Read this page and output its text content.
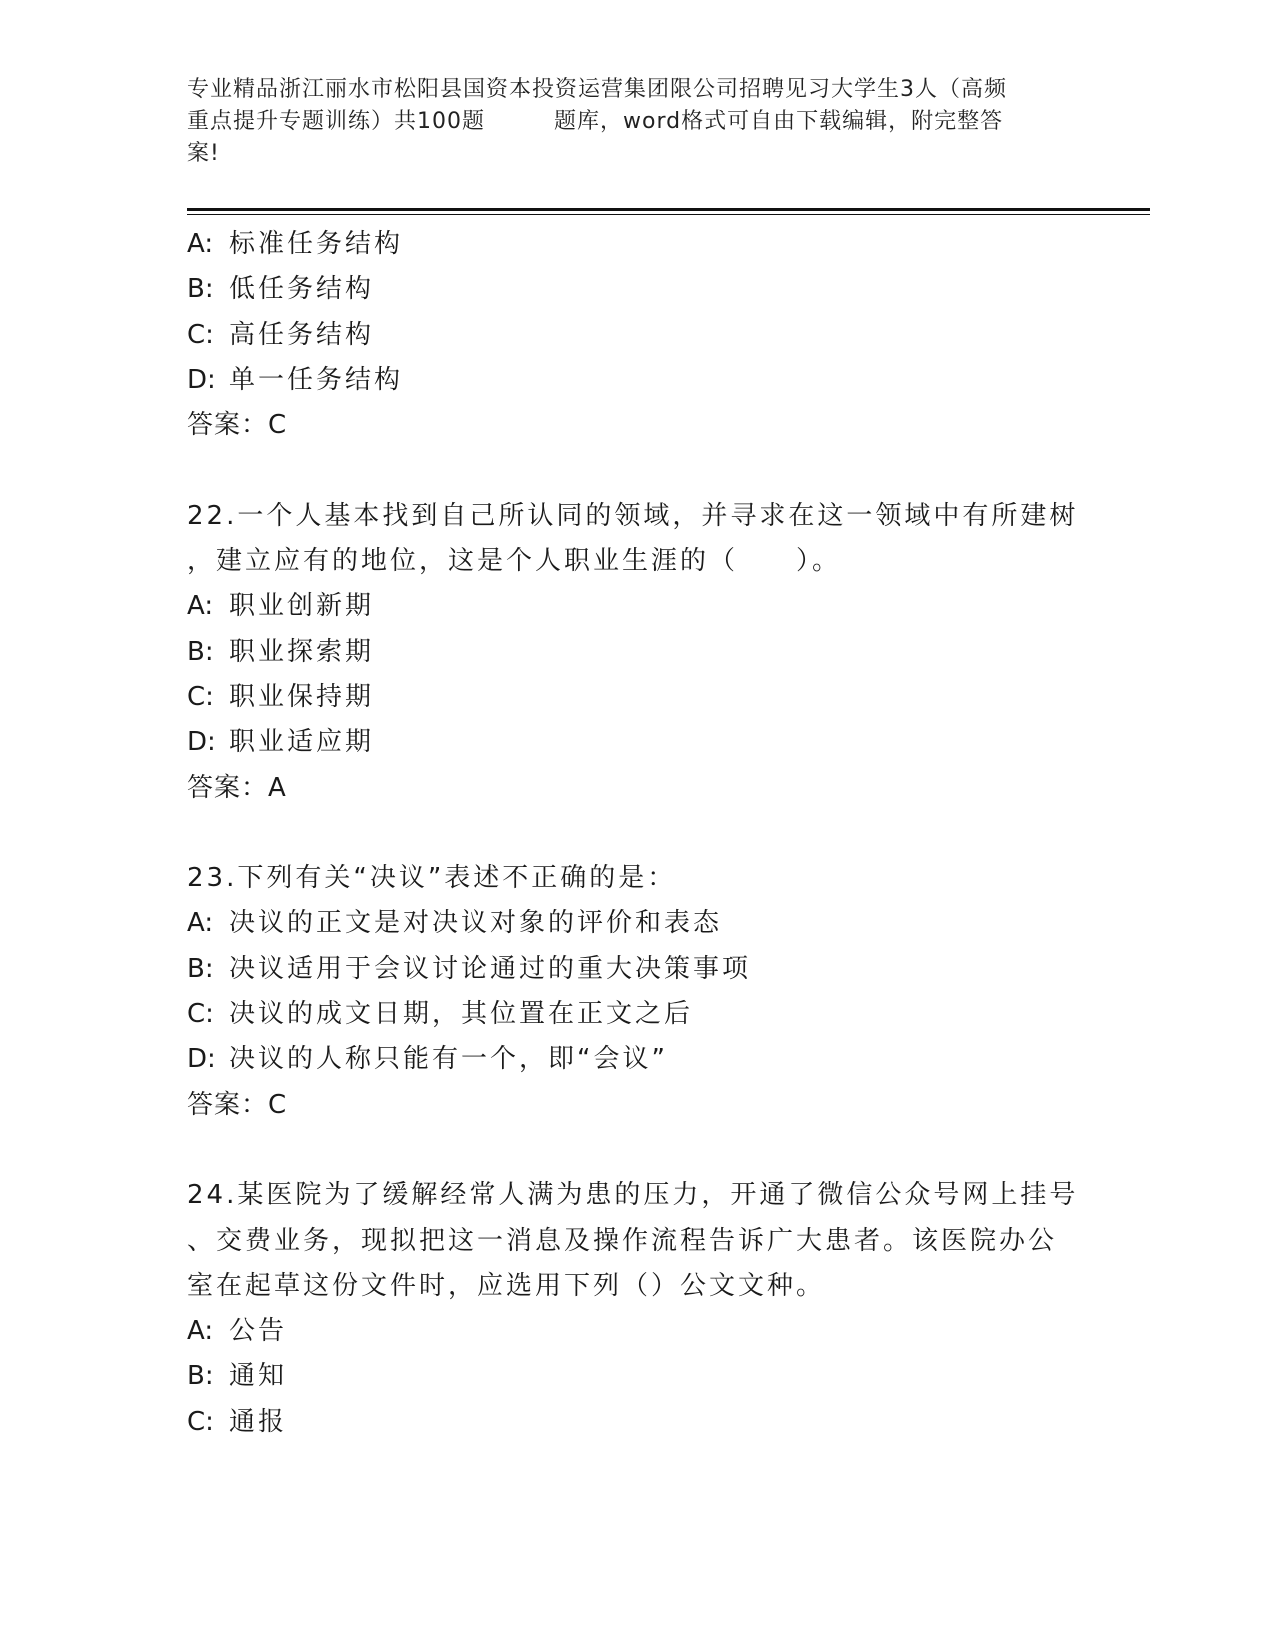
专业精品浙江丽水市松阳县国资本投资运营集团限公司招聘见习大学生3人（高频
重点提升专题训练）共100题　　　题库，word格式可自由下载编辑，附完整答
案!
A: 标准任务结构
B: 低任务结构
C: 高任务结构
D: 单一任务结构
答案：C
22.一个人基本找到自己所认同的领域，并寻求在这一领域中有所建树
，建立应有的地位，这是个人职业生涯的（　　）。
A: 职业创新期
B: 职业探索期
C: 职业保持期
D: 职业适应期
答案：A
23.下列有关“决议”表述不正确的是：
A: 决议的正文是对决议对象的评价和表态
B: 决议适用于会议讨论通过的重大决策事项
C: 决议的成文日期，其位置在正文之后
D: 决议的人称只能有一个，即“会议”
答案：C
24.某医院为了缓解经常人满为患的压力，开通了微信公众号网上挂号
、交费业务，现拟把这一消息及操作流程告诉广大患者。该医院办公
室在起草这份文件时，应选用下列（）公文文种。
A: 公告
B: 通知
C: 通报
